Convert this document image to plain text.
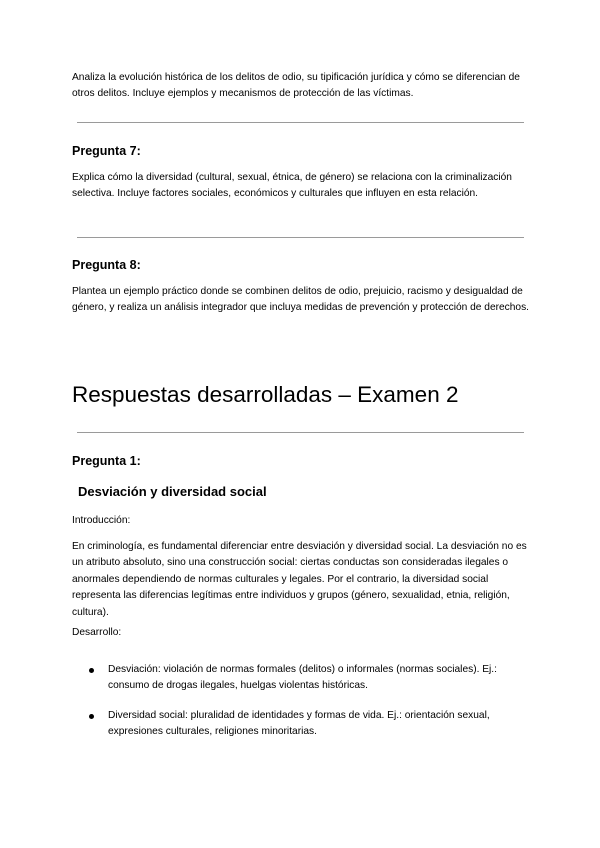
Analiza la evolución histórica de los delitos de odio, su tipificación jurídica y cómo se diferencian de otros delitos. Incluye ejemplos y mecanismos de protección de las víctimas.

Pregunta 7:

Explica cómo la diversidad (cultural, sexual, étnica, de género) se relaciona con la criminalización selectiva. Incluye factores sociales, económicos y culturales que influyen en esta relación.

Pregunta 8:

Plantea un ejemplo práctico donde se combinen delitos de odio, prejuicio, racismo y desigualdad de género, y realiza un análisis integrador que incluya medidas de prevención y protección de derechos.

Respuestas desarrolladas – Examen 2
Pregunta 1:
Desviación y diversidad social

Introducción:

En criminología, es fundamental diferenciar entre desviación y diversidad social. La desviación no es un atributo absoluto, sino una construcción social: ciertas conductas son consideradas ilegales o anormales dependiendo de normas culturales y legales. Por el contrario, la diversidad social representa las diferencias legítimas entre individuos y grupos (género, sexualidad, etnia, religión, cultura).

Desarrollo:

Desviación: violación de normas formales (delitos) o informales (normas sociales). Ej.: consumo de drogas ilegales, huelgas violentas históricas.

Diversidad social: pluralidad de identidades y formas de vida. Ej.: orientación sexual, expresiones culturales, religiones minoritarias.
